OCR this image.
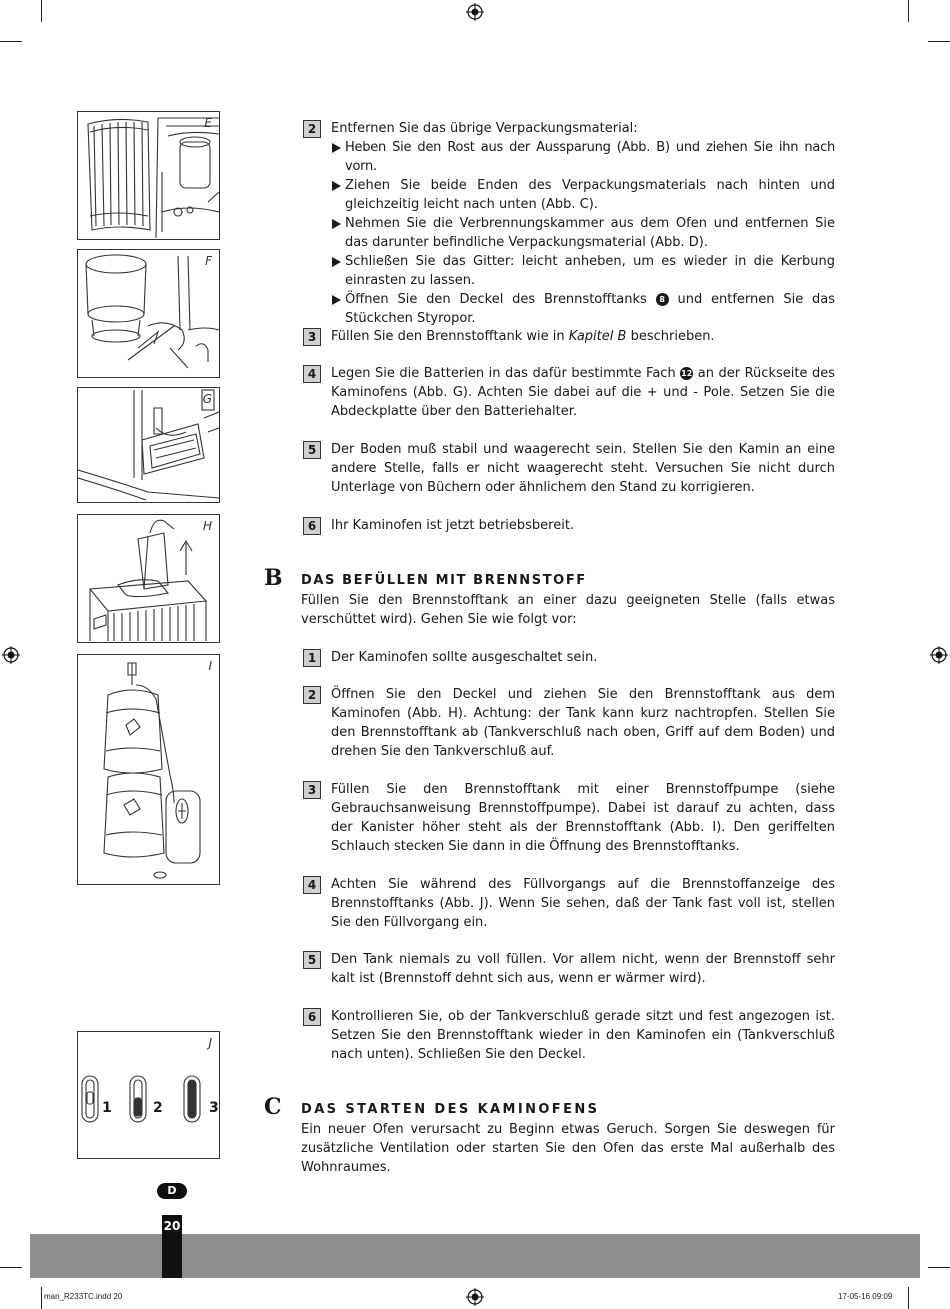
E
F
G
H
I
J
1	2	3
2	Entfernen Sie das übrige Verpackungsmaterial:
Heben Sie den Rost aus der Aussparung (Abb. B) und ziehen Sie ihn nach vorn.
Ziehen Sie beide Enden des Verpackungsmaterials nach hinten und gleichzeitig leicht nach unten (Abb. C).
Nehmen Sie die Verbrennungskammer aus dem Ofen und entfernen Sie das darunter befindliche Verpackungsmaterial (Abb. D).
Schließen Sie das Gitter: leicht anheben, um es wieder in die Kerbung einrasten zu lassen.
Öffnen Sie den Deckel des Brennstofftanks 8 und entfernen Sie das Stückchen Styropor.
3	Füllen Sie den Brennstofftank wie in Kapitel B beschrieben.
4	Legen Sie die Batterien in das dafür bestimmte Fach 12 an der Rückseite des Kaminofens (Abb. G). Achten Sie dabei auf die + und - Pole. Setzen Sie die Abdeckplatte über den Batteriehalter.
5	Der Boden muß stabil und waagerecht sein. Stellen Sie den Kamin an eine andere Stelle, falls er nicht waagerecht steht. Versuchen Sie nicht durch Unterlage von Büchern oder ähnlichem den Stand zu korrigieren.
6	Ihr Kaminofen ist jetzt betriebsbereit.
B DAS BEFÜLLEN MIT BRENNSTOFF
Füllen Sie den Brennstofftank an einer dazu geeigneten Stelle (falls etwas verschüttet wird). Gehen Sie wie folgt vor:
1	Der Kaminofen sollte ausgeschaltet sein.
2	Öffnen Sie den Deckel und ziehen Sie den Brennstofftank aus dem Kaminofen (Abb. H). Achtung: der Tank kann kurz nachtropfen. Stellen Sie den Brennstofftank ab (Tankverschluß nach oben, Griff auf dem Boden) und drehen Sie den Tankverschluß auf.
3	Füllen Sie den Brennstofftank mit einer Brennstoffpumpe (siehe Gebrauchsanweisung Brennstoffpumpe). Dabei ist darauf zu achten, dass der Kanister höher steht als der Brennstofftank (Abb. I). Den geriffelten Schlauch stecken Sie dann in die Öffnung des Brennstofftanks.
4	Achten Sie während des Füllvorgangs auf die Brennstoffanzeige des Brennstofftanks (Abb. J). Wenn Sie sehen, daß der Tank fast voll ist, stellen Sie den Füllvorgang ein.
5	Den Tank niemals zu voll füllen. Vor allem nicht, wenn der Brennstoff sehr kalt ist (Brennstoff dehnt sich aus, wenn er wärmer wird).
6	Kontrollieren Sie, ob der Tankverschluß gerade sitzt und fest angezogen ist. Setzen Sie den Brennstofftank wieder in den Kaminofen ein (Tankverschluß nach unten). Schließen Sie den Deckel.
C DAS STARTEN DES KAMINOFENS
Ein neuer Ofen verursacht zu Beginn etwas Geruch. Sorgen Sie deswegen für zusätzliche Ventilation oder starten Sie den Ofen das erste Mal außerhalb des Wohnraumes.
D
20
man_R233TC.indd 20	17-05-16 09:09
